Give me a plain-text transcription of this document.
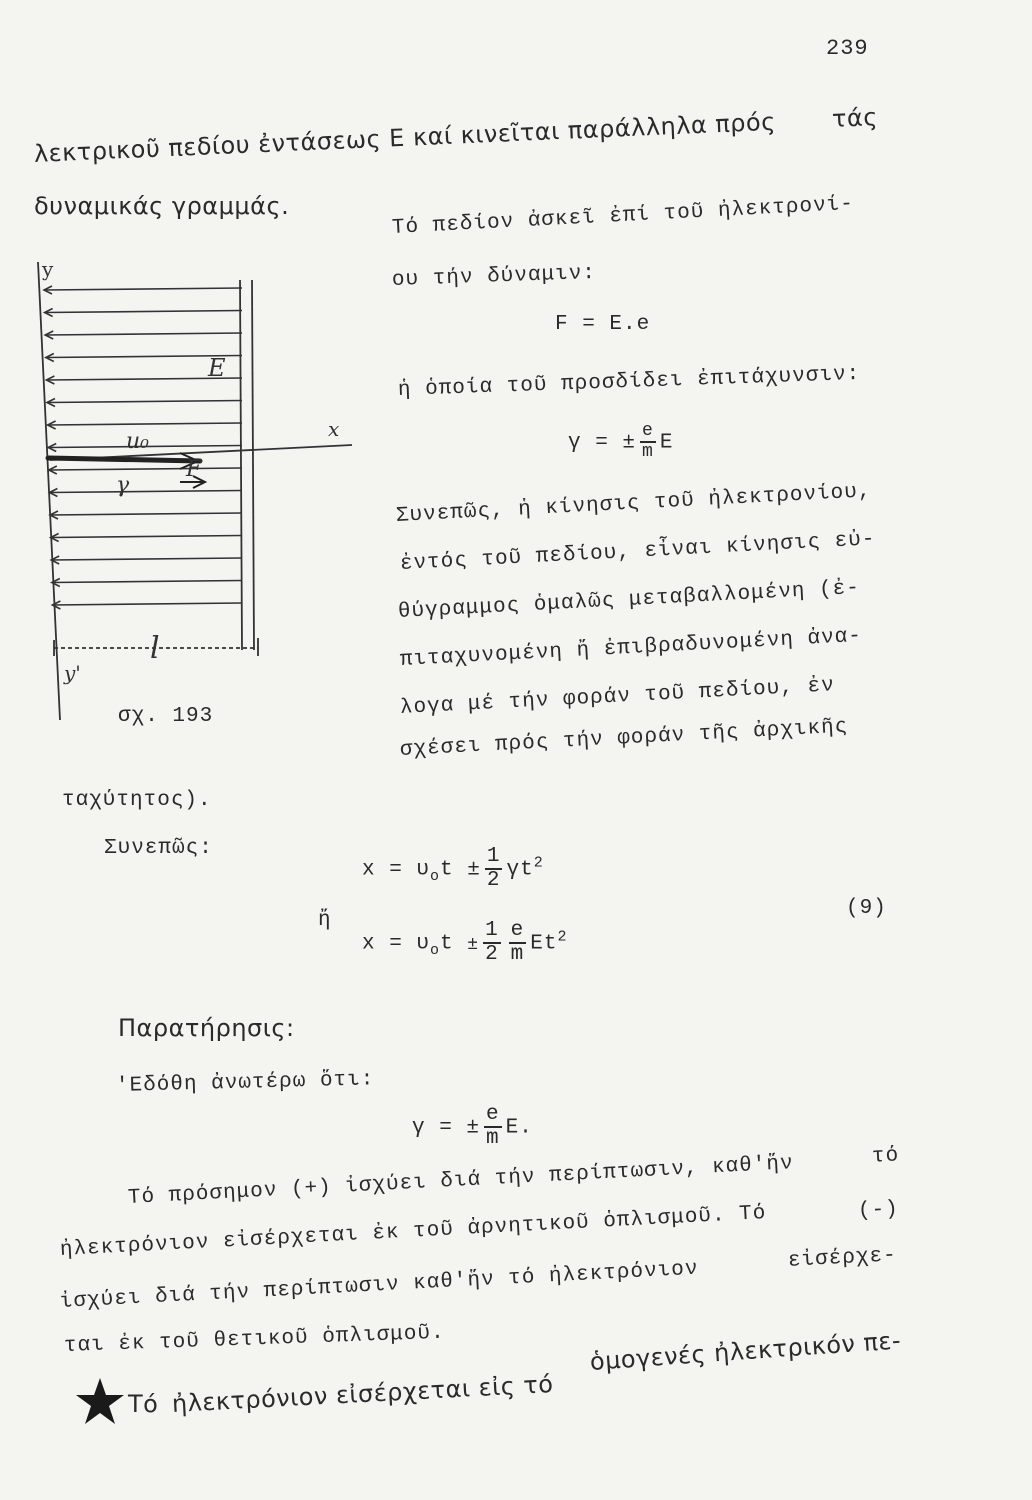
239
λεκτρικοῦ πεδίου ἐντάσεως Ε καί κινεῖται παράλληλα πρός τάς
δυναμικάς γραμμάς.	Τό πεδίον ἀσκεῖ ἐπί τοῦ ἠλεκτρονί-
ου τήν δύναμιν:
F = E.e
ἡ ὁποία τοῦ προσδίδει ἐπιτάχυνσιν:
γ = ± $\frac{e}{m}$ E
Συνεπῶς, ἡ κίνησις τοῦ ἠλεκτρονίου,
ἐντός τοῦ πεδίου, εἶναι κίνησις εὐ-
θύγραμμος ὁμαλῶς μεταβαλλομένη (ἐ-
πιταχυνομένη ἤ ἐπιβραδυνομένη ἀνα-
λογα μέ τήν φοράν τοῦ πεδίου, ἐν
σχέσει πρός τήν φοράν τῆς ἀρχικῆς
y
y'
x
E
u₀
γ
F
l
σχ. 193
ταχύτητος).
Συνεπῶς:
$x = \upsilon_ot \pm \frac{1}{2} \gamma t^2$
ἤ
$x = \upsilon_ot \pm \frac{1}{2} \frac{e}{m} Et^2$
(9)
Παρατήρησις:
'Εδόθη ἀνωτέρω ὅτι:
γ = ± $\frac{e}{m} E$.
Τό πρόσημον (+) ἰσχύει διά τήν περίπτωσιν, καθ'ἥν	τό
ἠλεκτρόνιον εἰσέρχεται ἐκ τοῦ ἀρνητικοῦ ὁπλισμοῦ. Τό	(-)
ἰσχύει διά τήν περίπτωσιν καθ'ἥν τό ἠλεκτρόνιον	εἰσέρχε-
ται ἐκ τοῦ θετικοῦ ὁπλισμοῦ.
Τό ἠλεκτρόνιον εἰσέρχεται εἰς τό
ὁμογενές ἠλεκτρικόν πε-
